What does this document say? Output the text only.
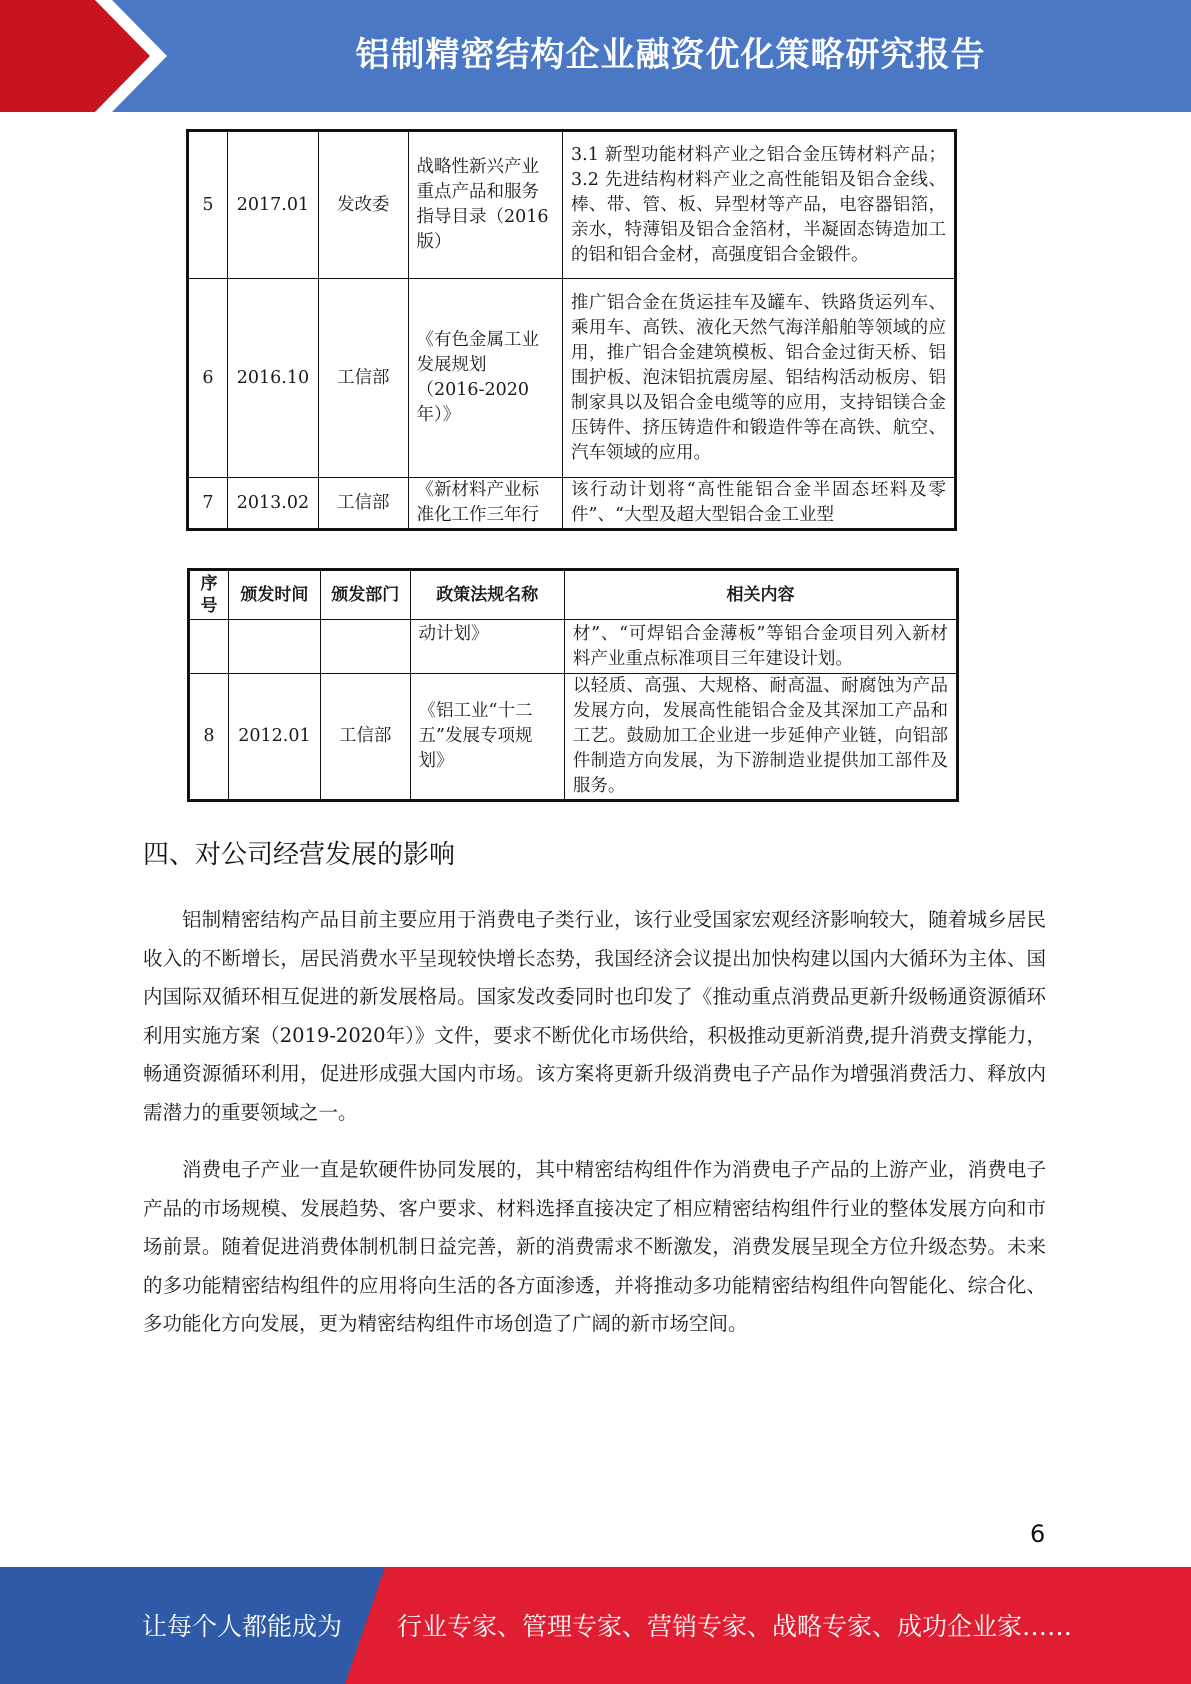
铝制精密结构企业融资优化策略研究报告
5	2017.01	发改委	战略性新兴产业重点产品和服务指导目录（2016版）	3.1 新型功能材料产业之铝合金压铸材料产品；3.2 先进结构材料产业之高性能铝及铝合金线、棒、带、管、板、异型材等产品，电容器铝箔，亲水，特薄铝及铝合金箔材，半凝固态铸造加工的铝和铝合金材，高强度铝合金锻件。
6	2016.10	工信部	《有色金属工业发展规划（2016-2020年）》	推广铝合金在货运挂车及罐车、铁路货运列车、乘用车、高铁、液化天然气海洋船舶等领域的应用，推广铝合金建筑模板、铝合金过街天桥、铝围护板、泡沫铝抗震房屋、铝结构活动板房、铝制家具以及铝合金电缆等的应用，支持铝镁合金压铸件、挤压铸造件和锻造件等在高铁、航空、汽车领域的应用。
7	2013.02	工信部	《新材料产业标准化工作三年行	该行动计划将“高性能铝合金半固态坯料及零件”、“大型及超大型铝合金工业型
序号	颁发时间	颁发部门	政策法规名称	相关内容
			动计划》	材”、“可焊铝合金薄板”等铝合金项目列入新材料产业重点标准项目三年建设计划。
8	2012.01	工信部	《铝工业“十二五”发展专项规划》	以轻质、高强、大规格、耐高温、耐腐蚀为产品发展方向，发展高性能铝合金及其深加工产品和工艺。鼓励加工企业进一步延伸产业链，向铝部件制造方向发展，为下游制造业提供加工部件及服务。
四、对公司经营发展的影响

铝制精密结构产品目前主要应用于消费电子类行业，该行业受国家宏观经济影响较大，随着城乡居民收入的不断增长，居民消费水平呈现较快增长态势，我国经济会议提出加快构建以国内大循环为主体、国内国际双循环相互促进的新发展格局。国家发改委同时也印发了《推动重点消费品更新升级畅通资源循环利用实施方案（2019-2020年）》文件，要求不断优化市场供给，积极推动更新消费,提升消费支撑能力，畅通资源循环利用，促进形成强大国内市场。该方案将更新升级消费电子产品作为增强消费活力、释放内需潜力的重要领域之一。

消费电子产业一直是软硬件协同发展的，其中精密结构组件作为消费电子产品的上游产业，消费电子产品的市场规模、发展趋势、客户要求、材料选择直接决定了相应精密结构组件行业的整体发展方向和市场前景。随着促进消费体制机制日益完善，新的消费需求不断激发，消费发展呈现全方位升级态势。未来的多功能精密结构组件的应用将向生活的各方面渗透，并将推动多功能精密结构组件向智能化、综合化、多功能化方向发展，更为精密结构组件市场创造了广阔的新市场空间。

6
让每个人都能成为 行业专家、管理专家、营销专家、战略专家、成功企业家……
